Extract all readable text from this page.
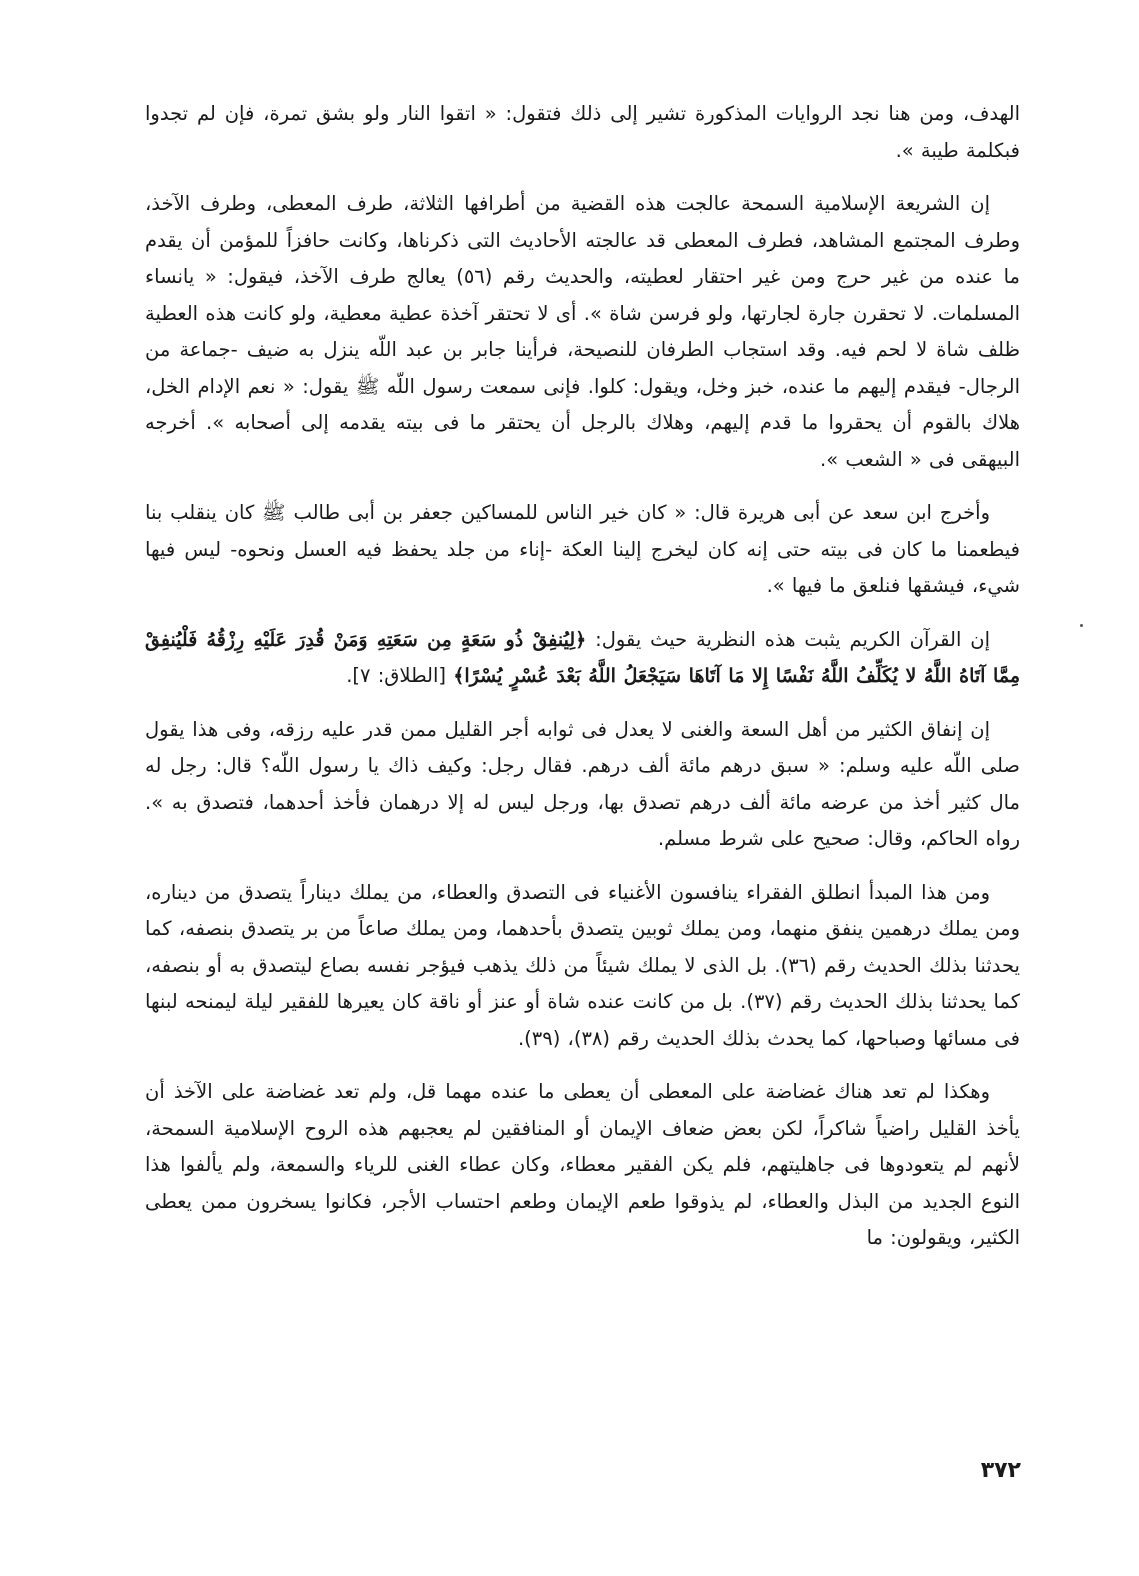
الهدف، ومن هنا نجد الروايات المذكورة تشير إلى ذلك فتقول: « اتقوا النار ولو بشق تمرة، فإن لم تجدوا فبكلمة طيبة ».

إن الشريعة الإسلامية السمحة عالجت هذه القضية من أطرافها الثلاثة، طرف المعطى، وطرف الآخذ، وطرف المجتمع المشاهد، فطرف المعطى قد عالجته الأحاديث التى ذكرناها، وكانت حافزاً للمؤمن أن يقدم ما عنده من غير حرج ومن غير احتقار لعطيته، والحديث رقم (٥٦) يعالج طرف الآخذ، فيقول: « يانساء المسلمات. لا تحقرن جارة لجارتها، ولو فرسن شاة ». أى لا تحتقر آخذة عطية معطية، ولو كانت هذه العطية ظلف شاة لا لحم فيه. وقد استجاب الطرفان للنصيحة، فرأينا جابر بن عبد اللّه ينزل به ضيف -جماعة من الرجال- فيقدم إليهم ما عنده، خبز وخل، ويقول: كلوا. فإنى سمعت رسول اللّه ﷺ يقول: « نعم الإدام الخل، هلاك بالقوم أن يحقروا ما قدم إليهم، وهلاك بالرجل أن يحتقر ما فى بيته يقدمه إلى أصحابه ». أخرجه البيهقى فى « الشعب ».

وأخرج ابن سعد عن أبى هريرة قال: « كان خير الناس للمساكين جعفر بن أبى طالب ﷺ كان ينقلب بنا فيطعمنا ما كان فى بيته حتى إنه كان ليخرج إلينا العكة -إناء من جلد يحفظ فيه العسل ونحوه- ليس فيها شيء، فيشقها فنلعق ما فيها ».

إن القرآن الكريم يثبت هذه النظرية حيث يقول: ﴿لِيُنفِقْ ذُو سَعَةٍ مِن سَعَتِهِ وَمَنْ قُدِرَ عَلَيْهِ رِزْقُهُ فَلْيُنفِقْ مِمَّا آتَاهُ اللَّهُ لا يُكَلِّفُ اللَّهُ نَفْسًا إِلا مَا آتَاهَا سَيَجْعَلُ اللَّهُ بَعْدَ عُسْرٍ يُسْرًا﴾ [الطلاق: ٧].

إن إنفاق الكثير من أهل السعة والغنى لا يعدل فى ثوابه أجر القليل ممن قدر عليه رزقه، وفى هذا يقول صلى اللّه عليه وسلم: « سبق درهم مائة ألف درهم. فقال رجل: وكيف ذاك يا رسول اللّه؟ قال: رجل له مال كثير أخذ من عرضه مائة ألف درهم تصدق بها، ورجل ليس له إلا درهمان فأخذ أحدهما، فتصدق به ». رواه الحاكم، وقال: صحيح على شرط مسلم.

ومن هذا المبدأ انطلق الفقراء ينافسون الأغنياء فى التصدق والعطاء، من يملك ديناراً يتصدق من ديناره، ومن يملك درهمين ينفق منهما، ومن يملك ثوبين يتصدق بأحدهما، ومن يملك صاعاً من بر يتصدق بنصفه، كما يحدثنا بذلك الحديث رقم (٣٦). بل الذى لا يملك شيئاً من ذلك يذهب فيؤجر نفسه بصاع ليتصدق به أو بنصفه، كما يحدثنا بذلك الحديث رقم (٣٧). بل من كانت عنده شاة أو عنز أو ناقة كان يعيرها للفقير ليلة ليمنحه لبنها فى مسائها وصباحها، كما يحدث بذلك الحديث رقم (٣٨)، (٣٩).

وهكذا لم تعد هناك غضاضة على المعطى أن يعطى ما عنده مهما قل، ولم تعد غضاضة على الآخذ أن يأخذ القليل راضياً شاكراً، لكن بعض ضعاف الإيمان أو المنافقين لم يعجبهم هذه الروح الإسلامية السمحة، لأنهم لم يتعودوها فى جاهليتهم، فلم يكن الفقير معطاء، وكان عطاء الغنى للرياء والسمعة، ولم يألفوا هذا النوع الجديد من البذل والعطاء، لم يذوقوا طعم الإيمان وطعم احتساب الأجر، فكانوا يسخرون ممن يعطى الكثير، ويقولون: ما

٣٧٢
